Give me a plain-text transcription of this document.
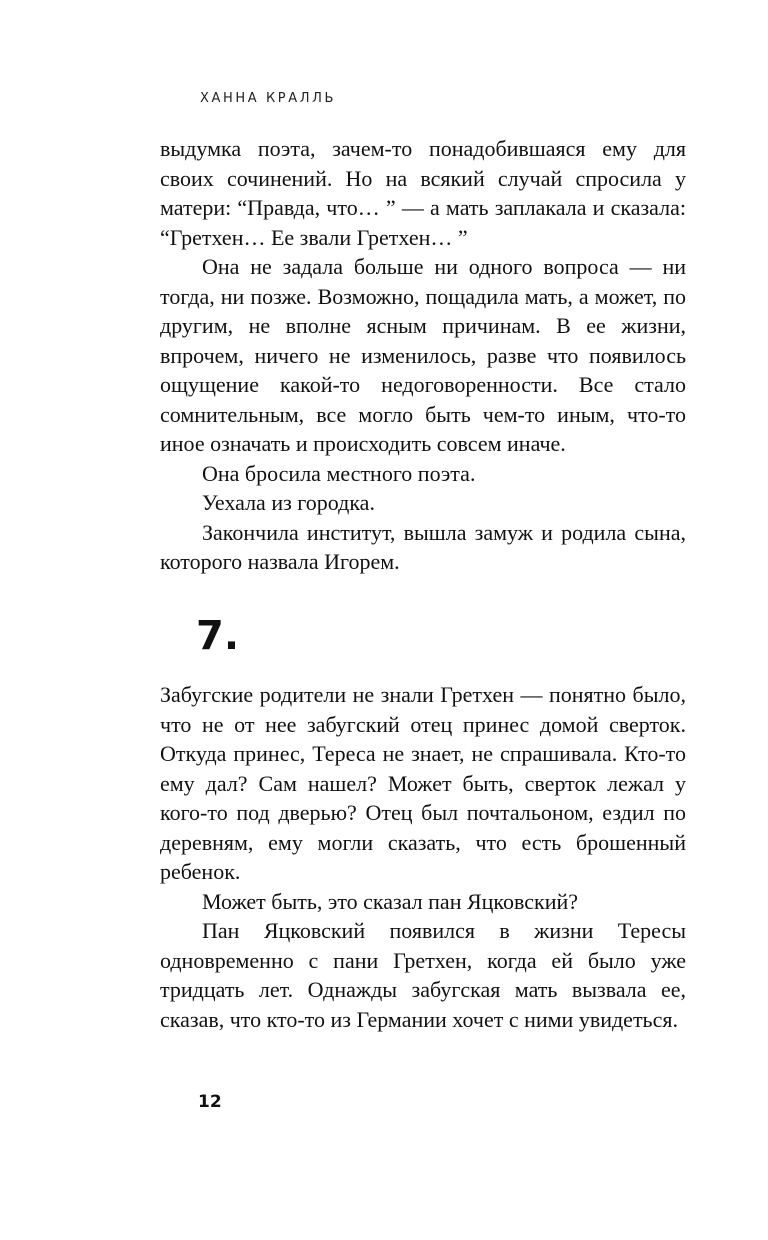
ХАННА КРАЛЛЬ

выдумка поэта, зачем-то понадобившаяся ему для своих сочинений. Но на всякий случай спросила у матери: “Правда, что… ” — а мать заплакала и сказала: “Гретхен… Ее звали Гретхен… ”

Она не задала больше ни одного вопроса — ни тогда, ни позже. Возможно, пощадила мать, а может, по другим, не вполне ясным причинам. В ее жизни, впрочем, ничего не изменилось, разве что появилось ощущение какой-то недоговоренности. Все стало сомнительным, все могло быть чем-то иным, что-то иное означать и происходить совсем иначе.

Она бросила местного поэта.

Уехала из городка.

Закончила институт, вышла замуж и родила сына, которого назвала Игорем.

7.

Забугские родители не знали Гретхен — понятно было, что не от нее забугский отец принес домой сверток. Откуда принес, Тереса не знает, не спрашивала. Кто-то ему дал? Сам нашел? Может быть, сверток лежал у кого-то под дверью? Отец был почтальоном, ездил по деревням, ему могли сказать, что есть брошенный ребенок.

Может быть, это сказал пан Яцковский?

Пан Яцковский появился в жизни Тересы одновременно с пани Гретхен, когда ей было уже тридцать лет. Однажды забугская мать вызвала ее, сказав, что кто-то из Германии хочет с ними увидеться.

12
